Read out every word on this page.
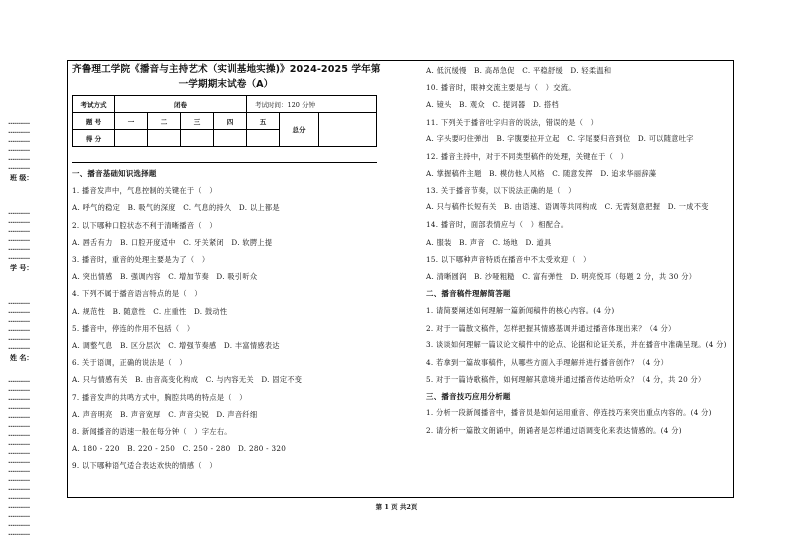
...........
...........
...........
...........
...........
...........
班 级：
...........
...........
...........
...........
...........
...........
学 号：
...........
...........
...........
...........
...........
...........
姓 名：
...........
...........
...........
...........
...........
...........
...........
...........
...........
...........
...........
...........
...........
...........
...........
...........
...........
...........
齐鲁理工学院《播音与主持艺术（实训基地实操)》2024-2025 学年第
一学期期末试卷（A）
考试方式	闭卷				考试时间：120 分钟		
题 号	一	二	三	四	五	总分	
得 分							
一、播音基础知识选择题
1. 播音发声中，气息控制的关键在于（　）
A. 呼气的稳定　B. 吸气的深度　C. 气息的持久　D. 以上都是
2. 以下哪种口腔状态不利于清晰播音（　）
A. 唇舌有力　B. 口腔开度适中　C. 牙关紧闭　D. 软腭上提
3. 播音时，重音的处理主要是为了（　）
A. 突出情感　B. 强调内容　C. 增加节奏　D. 吸引听众
4. 下列不属于播音语言特点的是（　）
A. 规范性　B. 随意性　C. 庄重性　D. 鼓动性
5. 播音中，停连的作用不包括（　）
A. 调整气息　B. 区分层次　C. 增强节奏感　D. 丰富情感表达
6. 关于语调，正确的说法是（　）
A. 只与情感有关　B. 由音高变化构成　C. 与内容无关　D. 固定不变
7. 播音发声的共鸣方式中，胸腔共鸣的特点是（　）
A. 声音明亮　B. 声音宽厚　C. 声音尖锐　D. 声音纤细
8. 新闻播音的语速一般在每分钟（　）字左右。
A. 180 - 220　B. 220 - 250　C. 250 - 280　D. 280 - 320
9. 以下哪种语气适合表达欢快的情感（　）
A. 低沉缓慢　B. 高昂急促　C. 平稳舒缓　D. 轻柔温和
10. 播音时，眼神交流主要是与（　）交流。
A. 镜头　B. 观众　C. 提词器　D. 搭档
11. 下列关于播音吐字归音的说法，错误的是（　）
A. 字头要叼住弹出　B. 字腹要拉开立起　C. 字尾要归音到位　D. 可以随意吐字
12. 播音主持中，对于不同类型稿件的处理，关键在于（　）
A. 掌握稿件主题　B. 模仿他人风格　C. 随意发挥　D. 追求华丽辞藻
13. 关于播音节奏，以下说法正确的是（　）
A. 只与稿件长短有关　B. 由语速、语调等共同构成　C. 无需刻意把握　D. 一成不变
14. 播音时，面部表情应与（　）相配合。
A. 服装　B. 声音　C. 场地　D. 道具
15. 以下哪种声音特质在播音中不太受欢迎（　）
A. 清晰圆润　B. 沙哑粗糙　C. 富有弹性　D. 明亮悦耳（每题 2 分，共 30 分）
二、播音稿件理解简答题
1. 请简要阐述如何理解一篇新闻稿件的核心内容。(4 分)
2. 对于一篇散文稿件，怎样把握其情感基调并通过播音体现出来？（4 分）
3. 谈谈如何理解一篇议论文稿件中的论点、论据和论证关系，并在播音中准确呈现。(4 分)
4. 若拿到一篇故事稿件，从哪些方面入手理解并进行播音创作？（4 分）
5. 对于一篇诗歌稿件，如何理解其意境并通过播音传达给听众？（4 分，共 20 分）
三、播音技巧应用分析题
1. 分析一段新闻播音中，播音员是如何运用重音、停连技巧来突出重点内容的。(4 分)
2. 请分析一篇散文朗诵中，朗诵者是怎样通过语调变化来表达情感的。(4 分)
第 1 页 共2页
